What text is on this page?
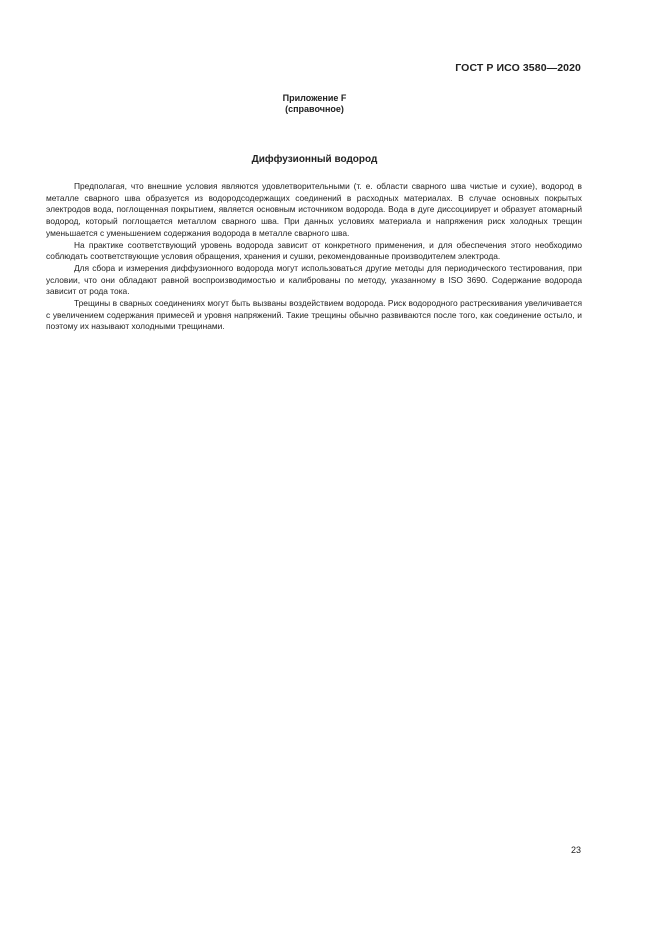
ГОСТ Р ИСО 3580—2020
Приложение F
(справочное)
Диффузионный водород

Предполагая, что внешние условия являются удовлетворительными (т. е. области сварного шва чистые и сухие), водород в металле сварного шва образуется из водородсодержащих соединений в расходных материалах. В случае основных покрытых электродов вода, поглощенная покрытием, является основным источником водорода. Вода в дуге диссоциирует и образует атомарный водород, который поглощается металлом сварного шва. При данных условиях материала и напряжения риск холодных трещин уменьшается с уменьшением содержания водорода в металле сварного шва.

На практике соответствующий уровень водорода зависит от конкретного применения, и для обеспечения этого необходимо соблюдать соответствующие условия обращения, хранения и сушки, рекомендованные производителем электрода.

Для сбора и измерения диффузионного водорода могут использоваться другие методы для периодического тестирования, при условии, что они обладают равной воспроизводимостью и калиброваны по методу, указанному в ISO 3690. Содержание водорода зависит от рода тока.

Трещины в сварных соединениях могут быть вызваны воздействием водорода. Риск водородного растрескивания увеличивается с увеличением содержания примесей и уровня напряжений. Такие трещины обычно развиваются после того, как соединение остыло, и поэтому их называют холодными трещинами.

23
